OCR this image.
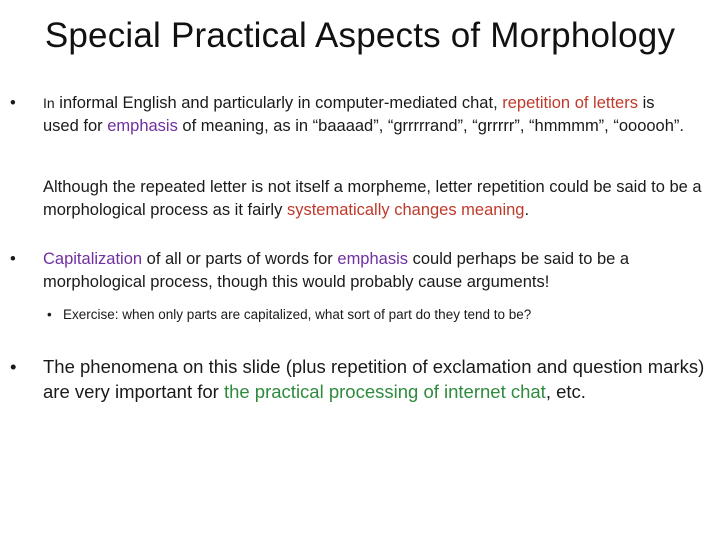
Special Practical Aspects of Morphology
•	In informal English and particularly in computer-mediated chat, repetition of letters is used for emphasis of meaning, as in “baaaad”, “grrrrrand”, “grrrrr”, “hmmmm”, “oooooh”.
Although the repeated letter is not itself a morpheme, letter repetition could be said to be a morphological process as it fairly systematically changes meaning.
•	Capitalization of all or parts of words for emphasis could perhaps be said to be a morphological process, though this would probably cause arguments!
• Exercise: when only parts are capitalized, what sort of part do they tend to be?
•	The phenomena on this slide (plus repetition of exclamation and question marks) are very important for the practical processing of internet chat, etc.
